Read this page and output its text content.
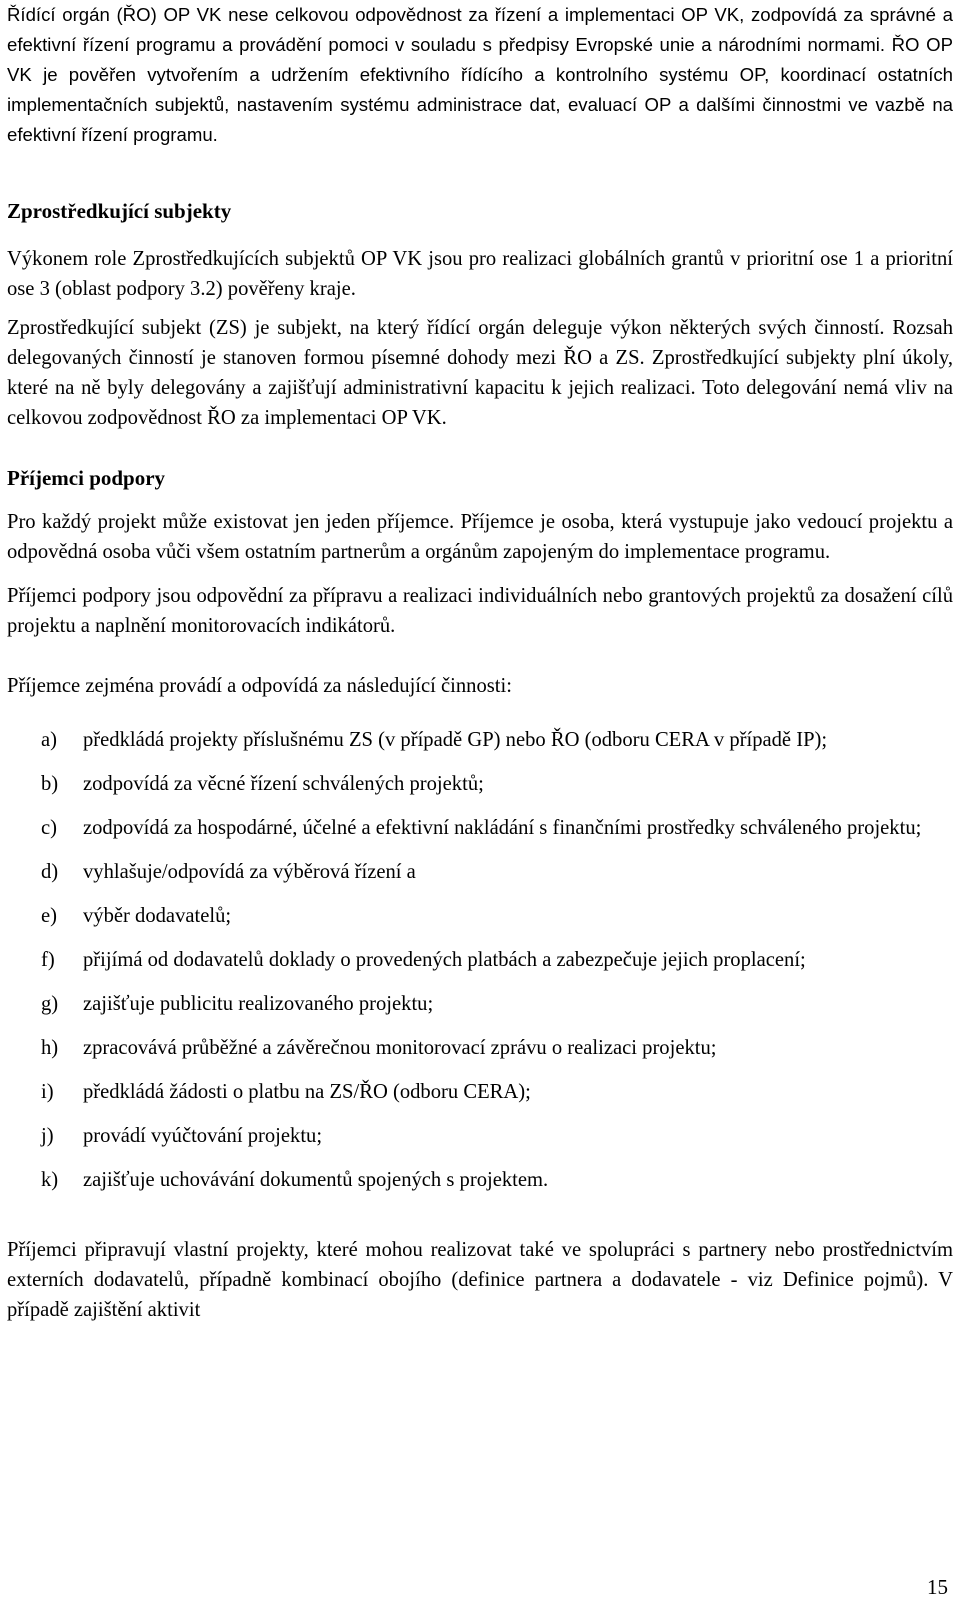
Řídící orgán (ŘO) OP VK nese celkovou odpovědnost za řízení a implementaci OP VK, zodpovídá za správné a efektivní řízení programu a provádění pomoci v souladu s předpisy Evropské unie a národními normami. ŘO OP VK je pověřen vytvořením a udržením efektivního řídícího a kontrolního systému OP, koordinací ostatních implementačních subjektů, nastavením systému administrace dat, evaluací OP a dalšími činnostmi ve vazbě na efektivní řízení programu.

Zprostředkující subjekty

Výkonem role Zprostředkujících subjektů OP VK jsou pro realizaci globálních grantů v prioritní ose 1 a prioritní ose 3 (oblast podpory 3.2) pověřeny kraje.

Zprostředkující subjekt (ZS) je subjekt, na který řídící orgán deleguje výkon některých svých činností. Rozsah delegovaných činností je stanoven formou písemné dohody mezi ŘO a ZS. Zprostředkující subjekty plní úkoly, které na ně byly delegovány a zajišťují administrativní kapacitu k jejich realizaci. Toto delegování nemá vliv na celkovou zodpovědnost ŘO za implementaci OP VK.

Příjemci podpory

Pro každý projekt může existovat jen jeden příjemce. Příjemce je osoba, která vystupuje jako vedoucí projektu a odpovědná osoba vůči všem ostatním partnerům a orgánům zapojeným do implementace programu.

Příjemci podpory jsou odpovědní za přípravu a realizaci individuálních nebo grantových projektů za dosažení cílů projektu a naplnění monitorovacích indikátorů.

Příjemce zejména provádí a odpovídá za následující činnosti:

a) předkládá projekty příslušnému ZS (v případě GP) nebo ŘO (odboru CERA v případě IP);
b) zodpovídá za věcné řízení schválených projektů;
c) zodpovídá za hospodárné, účelné a efektivní nakládání s finančními prostředky schváleného projektu;
d) vyhlašuje/odpovídá za výběrová řízení a
e) výběr dodavatelů;
f) přijímá od dodavatelů doklady o provedených platbách a zabezpečuje jejich proplacení;
g) zajišťuje publicitu realizovaného projektu;
h) zpracovává průběžné a závěrečnou monitorovací zprávu o realizaci projektu;
i) předkládá žádosti o platbu na ZS/ŘO (odboru CERA);
j) provádí vyúčtování projektu;
k) zajišťuje uchovávání dokumentů spojených s projektem.

Příjemci připravují vlastní projekty, které mohou realizovat také ve spolupráci s partnery nebo prostřednictvím externích dodavatelů, případně kombinací obojího (definice partnera a dodavatele - viz Definice pojmů). V případě zajištění aktivit

15
